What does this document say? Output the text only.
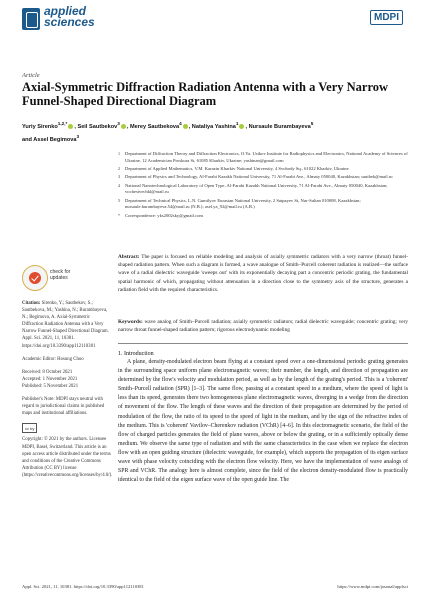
applied
sciences	MDPI
Article
Axial-Symmetric Diffraction Radiation Antenna with a Very Narrow Funnel-Shaped Directional Diagram
Yuriy Sirenko$^{1,2,*}$, Seil Sautbekov$^3$, Merey Sautbekova$^4$, Nataliya Yashina$^1$, Nursaule Burambayeva$^5$
and Assel Begimova$^3$
1	Department of Diffraction Theory and Diffraction Electronics, O.Ya. Usikov Institute for Radiophysics and Electronics, National Academy of Sciences of Ukraine, 12 Academician Proskura St, 61085 Kharkiv, Ukraine; yashinan@gmail.com
2	Department of Applied Mathematics, V.M. Karazin Kharkiv National University, 4 Svobody Sq., 61022 Kharkiv, Ukraine
3	Department of Physics and Technology, Al-Farabi Kazakh National University, 71 Al-Farabi Ave., Almaty 050040, Kazakhstan; sautbek@mail.ru
4	National Nanotechnological Laboratory of Open Type, Al-Farabi Kazakh National University, 71 Al-Farabi Ave., Almaty 050040, Kazakhstan; vochestvechkl@mail.ru
5	Department of Technical Physics, L.N. Gumilyov Eurasian National University, 2 Satpayev St, Nur-Sultan 010008, Kazakhstan; nursaule.burambayeva.54@mail.ru (N.B.); asel.ya_92@mail.ru (A.B.)
*	Correspondence: yks2002sky@gmail.com
Abstract: The paper is focused on reliable modeling and analysis of axially symmetric radiators with a very narrow (throat) funnel-shaped radiation pattern. When such a diagram is formed, a wave analogue of Smith–Purcell coherent radiation is realized—the surface wave of a radial dielectric waveguide 'sweeps out' with its exponentially decaying part a concentric periodic grating, the fundamental spatial harmonic of which, propagating without attenuation in a direction close to the symmetry axis of the structure, generates a radiation field with the required characteristics.
Keywords: wave analog of Smith–Purcell radiation; axially symmetric radiators; radial dielectric waveguide; concentric grating; very narrow throat funnel-shaped radiation pattern; rigorous electrodynamic modeling
check for
updates

Citation: Sirenko, Y.; Sautbekov, S.; Sautbekova, M.; Yashina, N.; Burambayeva, N.; Begimova, A. Axial-Symmetric Diffraction Radiation Antenna with a Very Narrow Funnel-Shaped Directional Diagram. Appl. Sci. 2021, 11, 10381. https://doi.org/10.3390/app112110381

Academic Editor: Hosung Choo

Received: 8 October 2021
Accepted: 1 November 2021
Published: 5 November 2021

Publisher's Note: MDPI stays neutral with regard to jurisdictional claims in published maps and institutional affiliations.

cc by

Copyright: © 2021 by the authors. Licensee MDPI, Basel, Switzerland. This article is an open access article distributed under the terms and conditions of the Creative Commons Attribution (CC BY) license (https://creativecommons.org/licenses/by/4.0/).

1. Introduction
A plane, density-modulated electron beam flying at a constant speed over a one-dimensional periodic grating generates in the surrounding space uniform plane electromagnetic waves; their number, the length, and direction of propagation are determined by the flow's velocity and modulation period, as well as by the length of the grating's period. This is a 'coherent' Smith–Purcell radiation (SPR) [1–3]. The same flow, passing at a constant speed in a medium, where the speed of light is less than its speed, generates there two homogeneous plane electromagnetic waves, diverging in a wedge from the direction of movement of the flow. The length of these waves and the direction of their propagation are determined by the period of modulation of the flow, the ratio of its speed to the speed of light in the medium, and by the sign of the refractive index of the medium. This is 'coherent' Vavilov–Cherenkov radiation (VChR) [4–6]. In this electromagnetic scenario, the field of the flow of charged particles generates the field of plane waves, above or below the grating, or in a sufficiently optically dense medium. We observe the same type of radiation and with the same characteristics in the case when we replace the electron flow with an open guiding structure (dielectric waveguide, for example), which supports the propagation of its eigen surface wave with phase velocity coinciding with the electron flow velocity. Here, we have the implementation of wave analogs of SPR and VChR. The analogy here is almost complete, since the field of the electron density-modulated flow is practically identical to the field of the eigen surface wave of the open guide line. The
Appl. Sci. 2021, 11, 10381. https://doi.org/10.3390/app112110381	https://www.mdpi.com/journal/applsci
